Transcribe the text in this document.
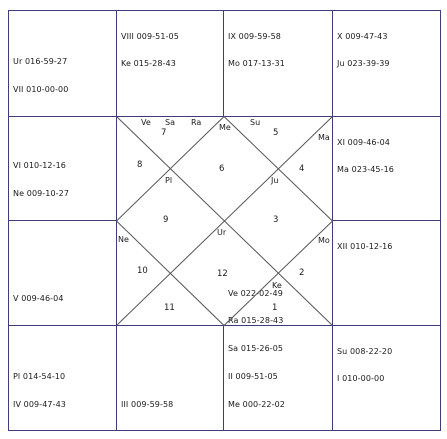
Ur 016-59-27

VII 010-00-00

VIII 009-51-05

Ke 015-28-43

IX 009-59-58

Mo 017-13-31

X 009-47-43

Ju 023-39-39

XI 009-46-04

Ma 023-45-16

XII 010-12-16

Su 008-22-20

I 010-00-00

Ve 022-02-49

Ra 015-28-43

Sa 015-26-05

II 009-51-05

Me 000-22-02

III 009-59-58

Pl 014-54-10

IV 009-47-43

V 009-46-04

VI 010-12-16

Ne 009-10-27

6
5
4
3
2
1
12
11
10
9
8
7
Ve Sa Ra
Me
Su
Ma
Pl	Ju
Ur
Ne	Mo
Ke
